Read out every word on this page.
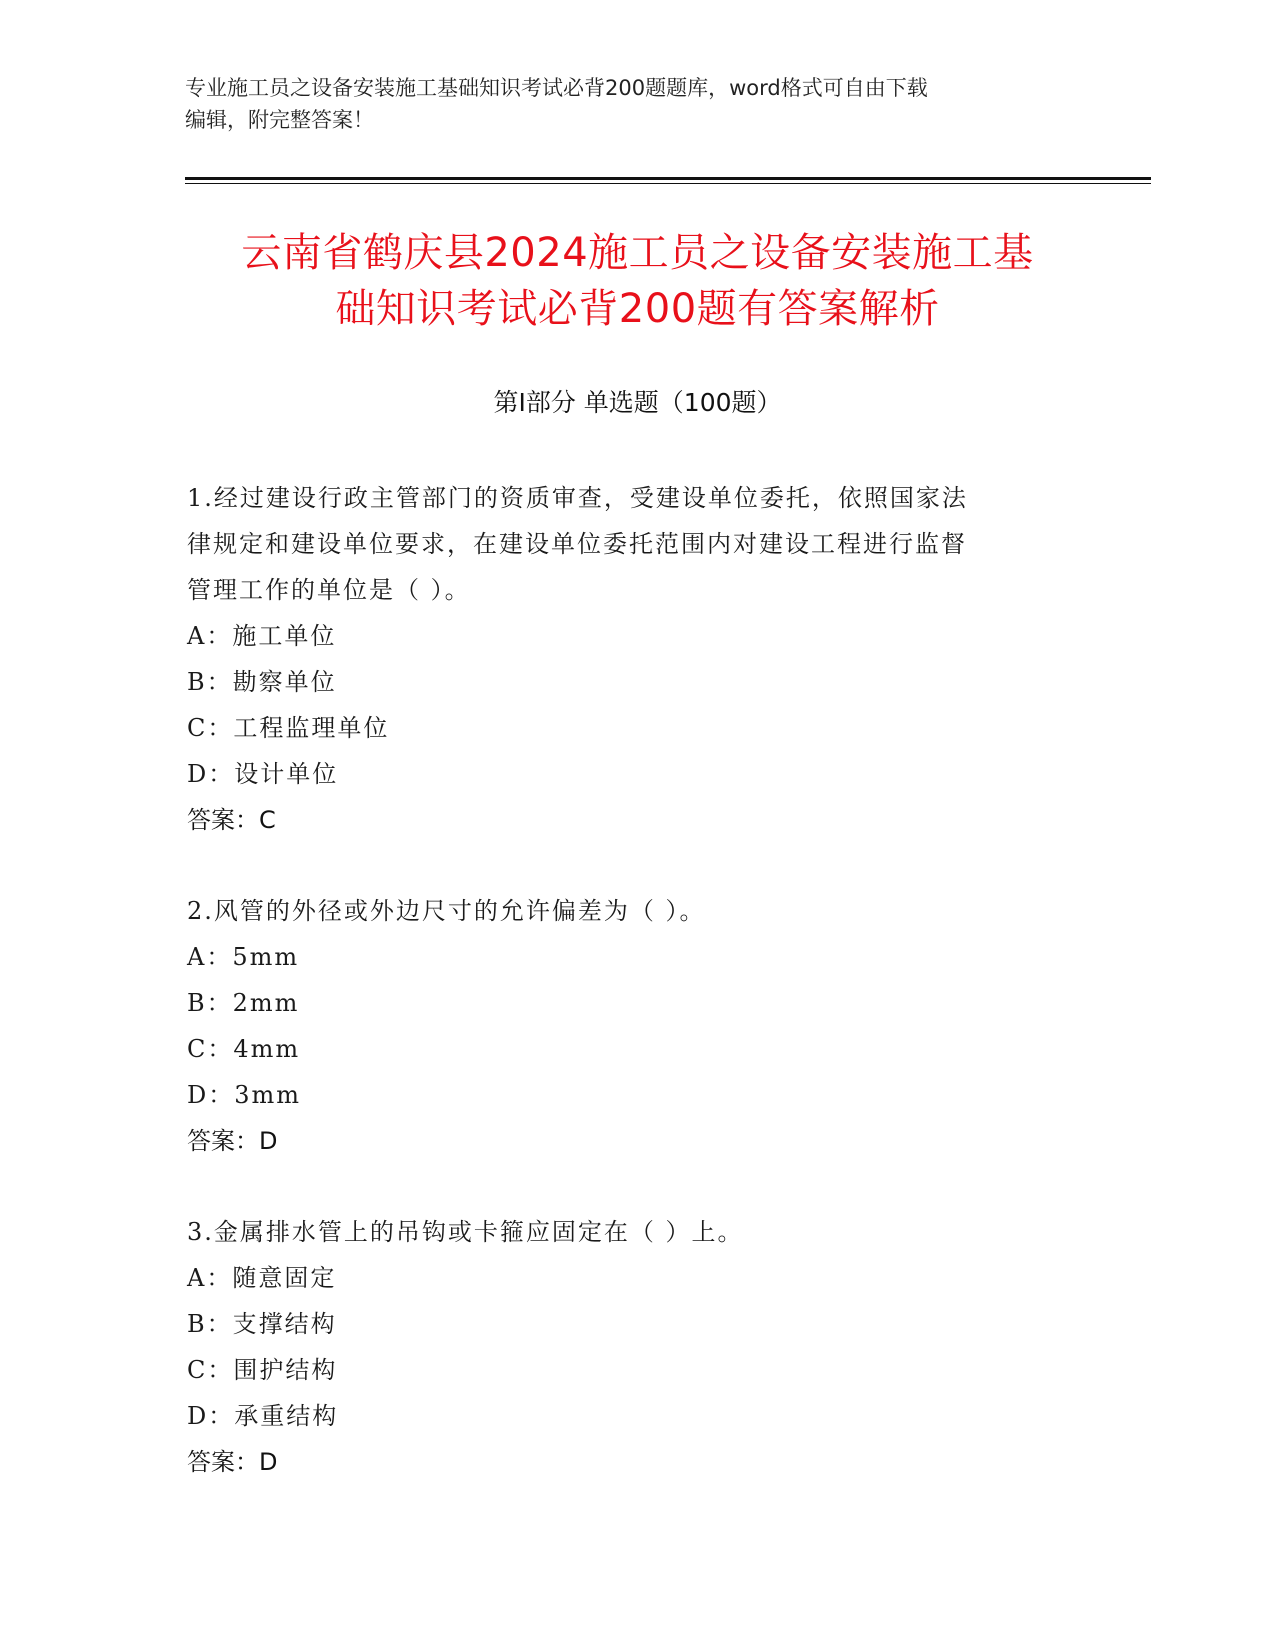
专业施工员之设备安装施工基础知识考试必背200题题库，word格式可自由下载
编辑，附完整答案！
云南省鹤庆县2024施工员之设备安装施工基
础知识考试必背200题有答案解析
第Ⅰ部分 单选题（100题）

1.经过建设行政主管部门的资质审查，受建设单位委托，依照国家法

律规定和建设单位要求，在建设单位委托范围内对建设工程进行监督

管理工作的单位是（ ）。

A：施工单位

B：勘察单位

C：工程监理单位

D：设计单位

答案：C

2.风管的外径或外边尺寸的允许偏差为（ ）。

A：5mm

B：2mm

C：4mm

D：3mm

答案：D

3.金属排水管上的吊钩或卡箍应固定在（ ）上。

A：随意固定

B：支撑结构

C：围护结构

D：承重结构

答案：D
